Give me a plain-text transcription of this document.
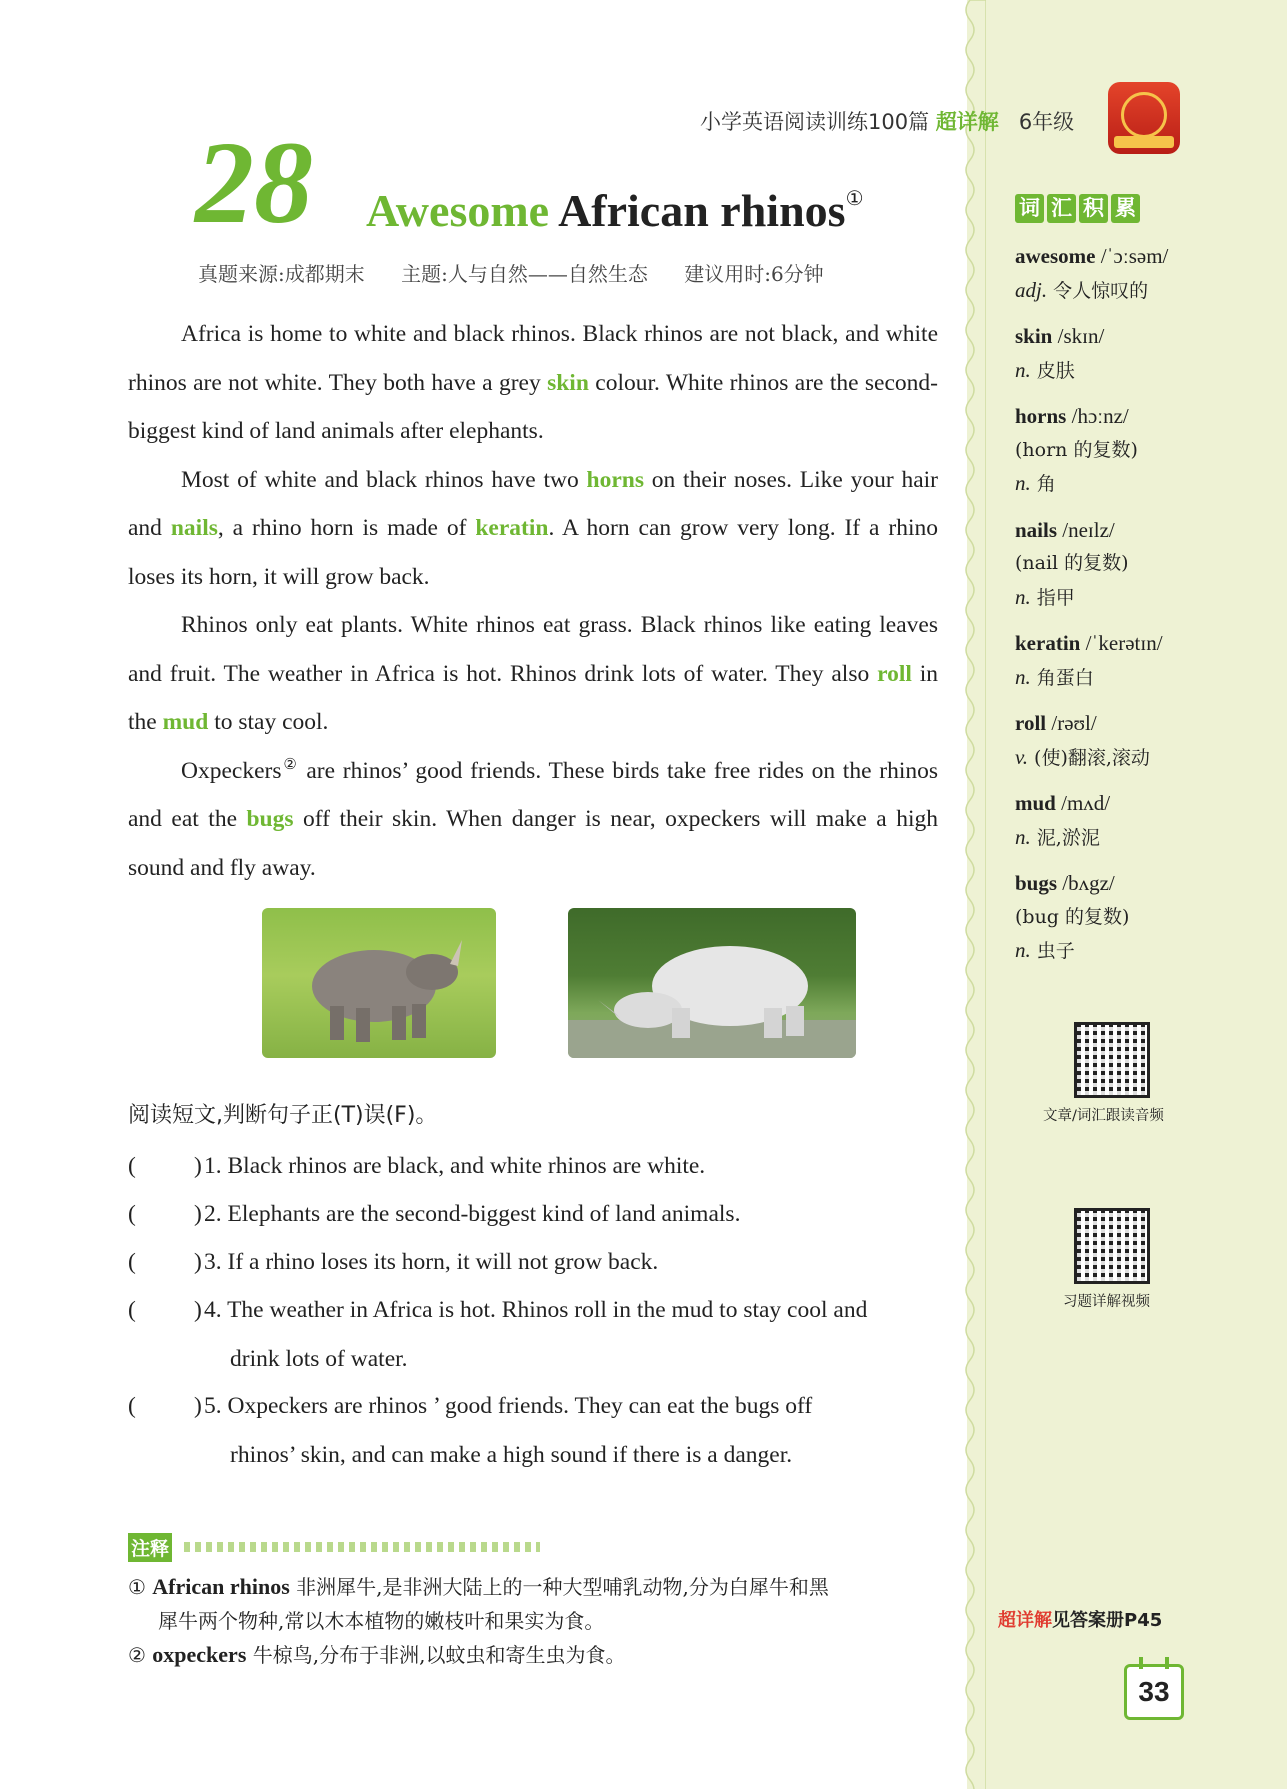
小学英语阅读训练100篇 超详解 6年级
28 Awesome African rhinos①
真题来源:成都期末 主题:人与自然——自然生态 建议用时:6分钟

Africa is home to white and black rhinos. Black rhinos are not black, and white rhinos are not white. They both have a grey skin colour. White rhinos are the second-biggest kind of land animals after elephants.

Most of white and black rhinos have two horns on their noses. Like your hair and nails, a rhino horn is made of keratin. A horn can grow very long. If a rhino loses its horn, it will grow back.

Rhinos only eat plants. White rhinos eat grass. Black rhinos like eating leaves and fruit. The weather in Africa is hot. Rhinos drink lots of water. They also roll in the mud to stay cool.

Oxpeckers② are rhinos’ good friends. These birds take free rides on the rhinos and eat the bugs off their skin. When danger is near, oxpeckers will make a high sound and fly away.

阅读短文,判断句子正(T)误(F)。
( ) 1. Black rhinos are black, and white rhinos are white.
( ) 2. Elephants are the second-biggest kind of land animals.
( ) 3. If a rhino loses its horn, it will not grow back.
( ) 4. The weather in Africa is hot. Rhinos roll in the mud to stay cool and
drink lots of water.
( ) 5. Oxpeckers are rhinos ’ good friends. They can eat the bugs off
rhinos’ skin, and can make a high sound if there is a danger.
注释
① African rhinos 非洲犀牛,是非洲大陆上的一种大型哺乳动物,分为白犀牛和黑
犀牛两个物种,常以木本植物的嫩枝叶和果实为食。
② oxpeckers 牛椋鸟,分布于非洲,以蚊虫和寄生虫为食。
词 汇 积 累
awesome /ˈɔːsəm/
adj. 令人惊叹的
skin /skɪn/
n. 皮肤
horns /hɔːnz/
(horn 的复数)
n. 角
nails /neɪlz/
(nail 的复数)
n. 指甲
keratin /ˈkerətɪn/
n. 角蛋白
roll /rəʊl/
v. (使)翻滚,滚动
mud /mʌd/
n. 泥,淤泥
bugs /bʌgz/
(bug 的复数)
n. 虫子
文章/词汇跟读音频
习题详解视频
超详解见答案册P45
33
